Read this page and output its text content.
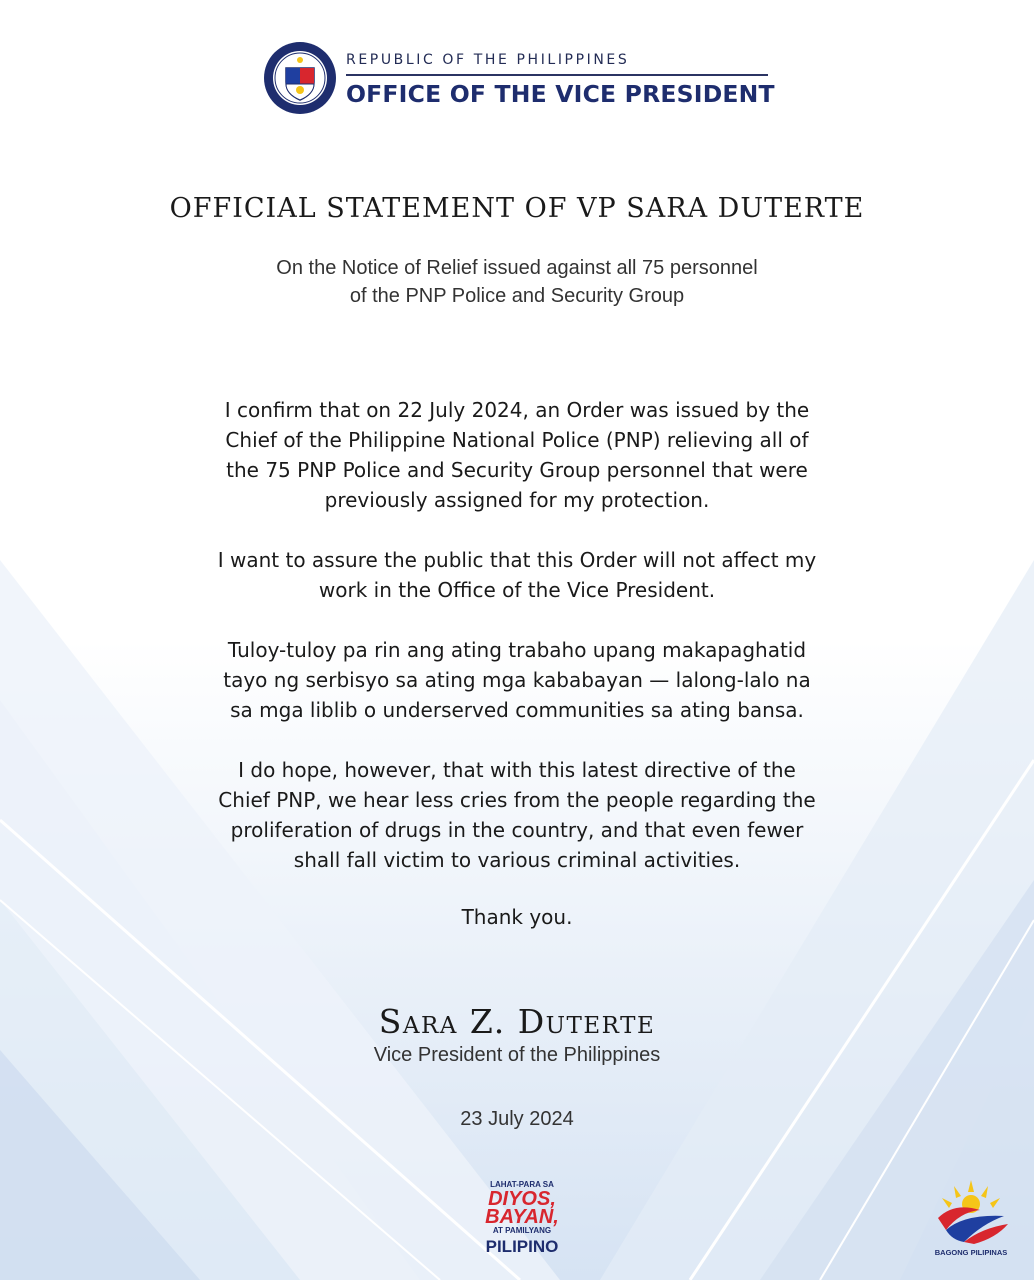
REPUBLIC OF THE PHILIPPINES
OFFICE OF THE VICE PRESIDENT
OFFICIAL STATEMENT OF VP SARA DUTERTE
On the Notice of Relief issued against all 75 personnel
of the PNP Police and Security Group

I confirm that on 22 July 2024, an Order was issued by the
Chief of the Philippine National Police (PNP) relieving all of
the 75 PNP Police and Security Group personnel that were
previously assigned for my protection.

I want to assure the public that this Order will not affect my
work in the Office of the Vice President.

Tuloy-tuloy pa rin ang ating trabaho upang makapaghatid
tayo ng serbisyo sa ating mga kababayan — lalong-lalo na
sa mga liblib o underserved communities sa ating bansa.

I do hope, however, that with this latest directive of the
Chief PNP, we hear less cries from the people regarding the
proliferation of drugs in the country, and that even fewer
shall fall victim to various criminal activities.

Thank you.
Sara Z. Duterte
Vice President of the Philippines
23 July 2024
LAHAT-PARA SA
DIYOS,
BAYAN,
AT PAMILYANG
PILIPINO	BAGONG PILIPINAS
